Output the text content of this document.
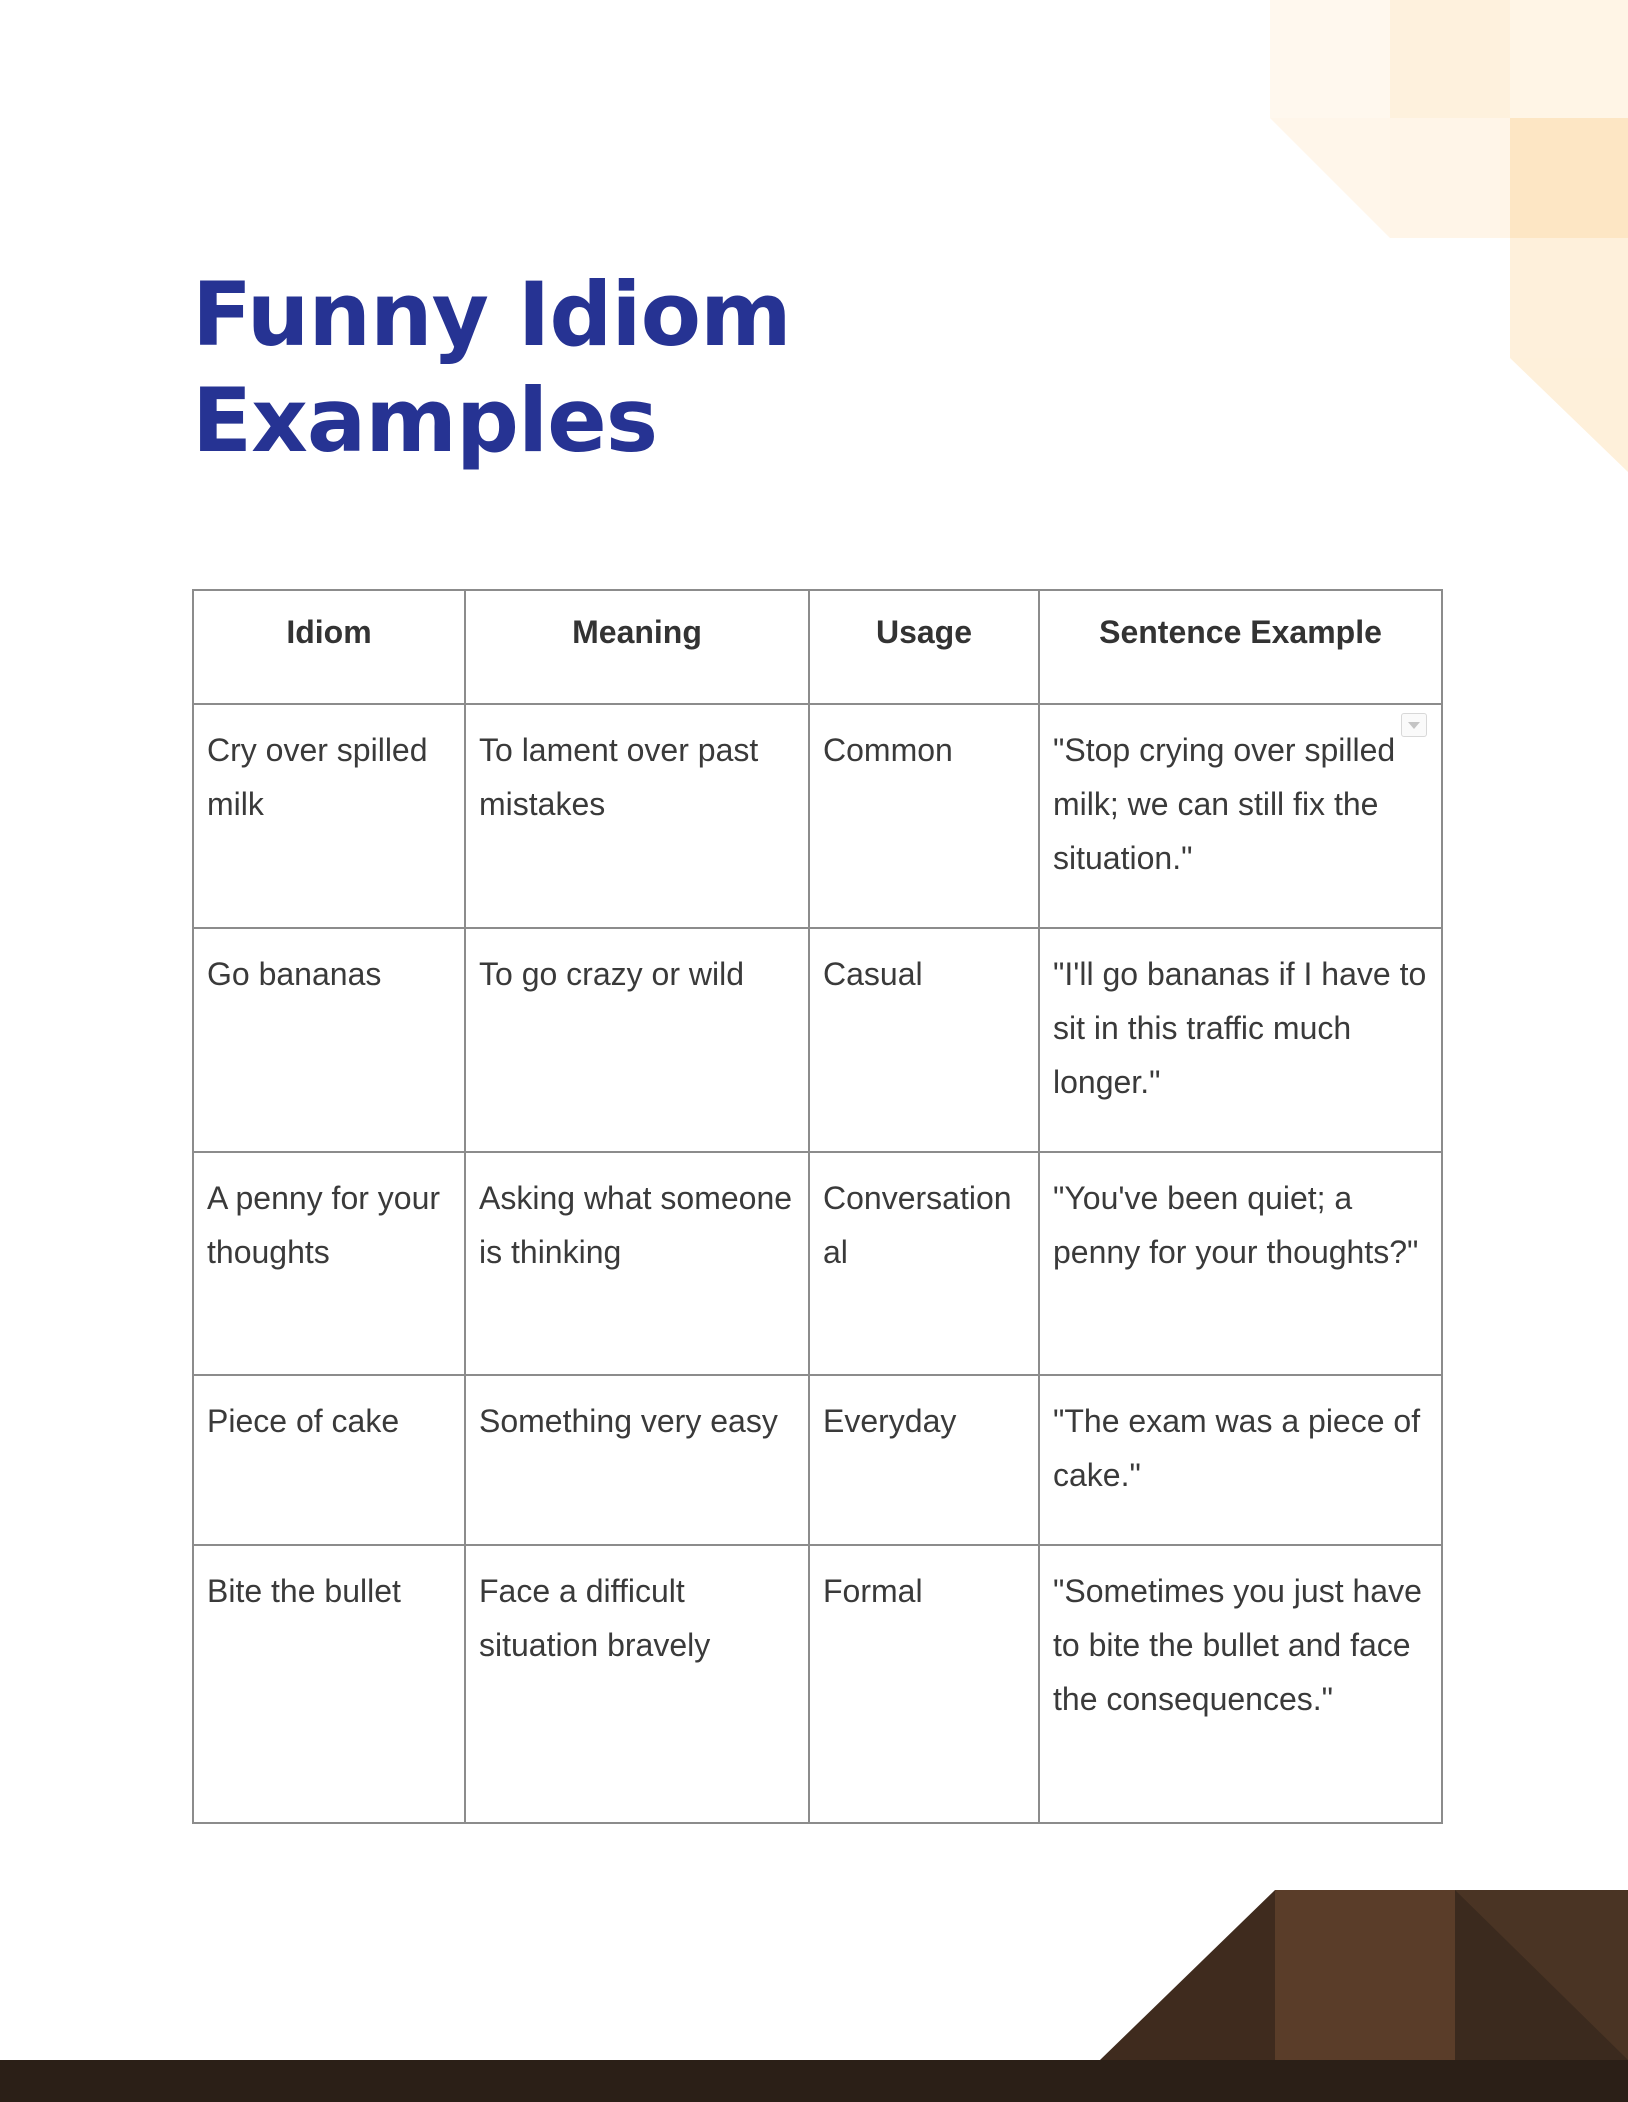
Funny Idiom
Examples
Idiom	Meaning	Usage	Sentence Example
Cry over spilled milk	To lament over past mistakes	Common	"Stop crying over spilled milk; we can still fix the situation."

Go bananas	To go crazy or wild	Casual	"I'll go bananas if I have to sit in this traffic much longer."
A penny for your thoughts	Asking what someone is thinking	Conversational	"You've been quiet; a penny for your thoughts?"
Piece of cake	Something very easy	Everyday	"The exam was a piece of cake."
Bite the bullet	Face a difficult situation bravely	Formal	"Sometimes you just have to bite the bullet and face the consequences."
